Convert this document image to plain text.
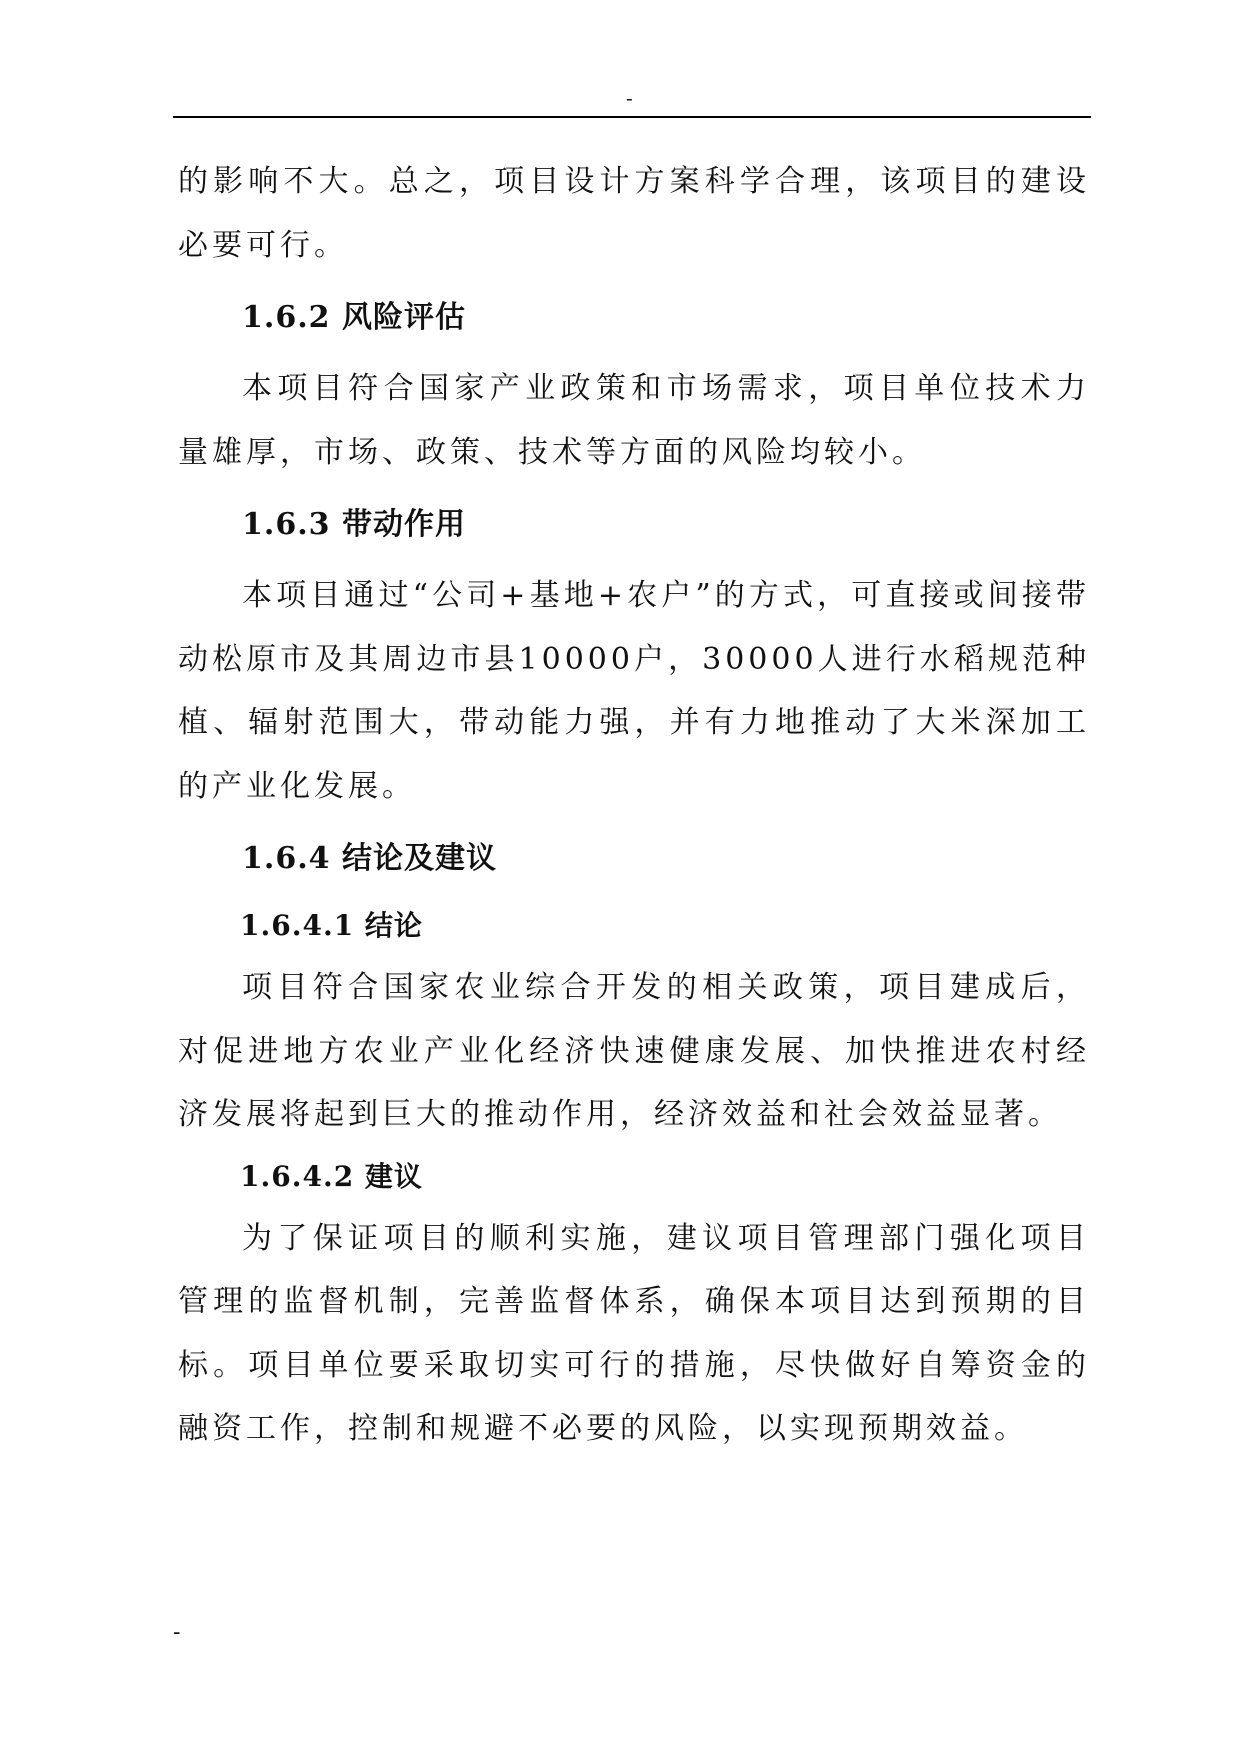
-

的影响不大。总之，项目设计方案科学合理，该项目的建设必要可行。

1.6.2 风险评估

本项目符合国家产业政策和市场需求，项目单位技术力量雄厚，市场、政策、技术等方面的风险均较小。

1.6.3 带动作用

本项目通过“公司+基地+农户”的方式，可直接或间接带动松原市及其周边市县10000户，30000人进行水稻规范种植、辐射范围大，带动能力强，并有力地推动了大米深加工的产业化发展。

1.6.4 结论及建议
1.6.4.1 结论

项目符合国家农业综合开发的相关政策，项目建成后，对促进地方农业产业化经济快速健康发展、加快推进农村经济发展将起到巨大的推动作用，经济效益和社会效益显著。

1.6.4.2 建议

为了保证项目的顺利实施，建议项目管理部门强化项目管理的监督机制，完善监督体系，确保本项目达到预期的目标。项目单位要采取切实可行的措施，尽快做好自筹资金的融资工作，控制和规避不必要的风险，以实现预期效益。

-
